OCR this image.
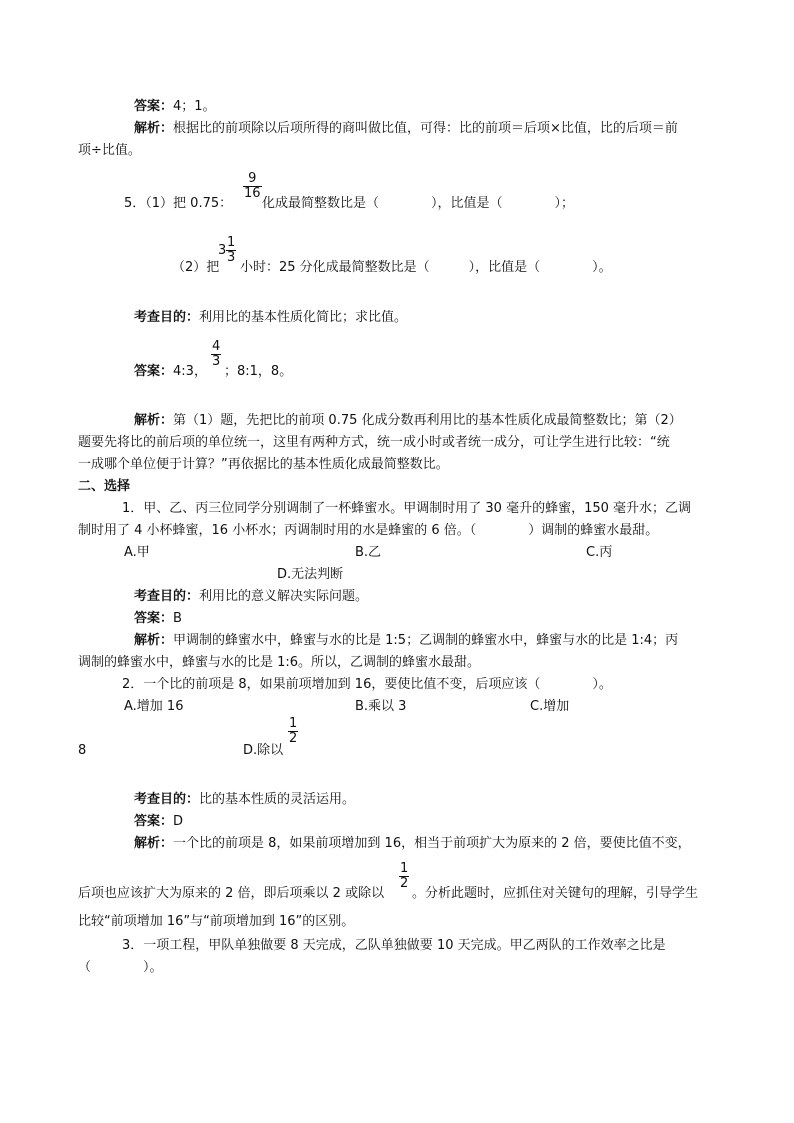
答案：4；1。
解析：根据比的前项除以后项所得的商叫做比值，可得：比的前项＝后项×比值，比的后项＝前
项÷比值。
5．（1）把 0.75：
9
16
化成最简整数比是（　　　　），比值是（　　　　）；
（2）把
3
1
3
小时：25 分化成最简整数比是（　　　），比值是（　　　　）。
考查目的：利用比的基本性质化简比；求比值。
答案：4:3，
4
3
；8:1，8。
解析：第（1）题，先把比的前项 0.75 化成分数再利用比的基本性质化成最简整数比；第（2）
题要先将比的前后项的单位统一，这里有两种方式，统一成小时或者统一成分，可让学生进行比较：“统
一成哪个单位便于计算？”再依据比的基本性质化成最简整数比。
二、选择
1．甲、乙、丙三位同学分别调制了一杯蜂蜜水。甲调制时用了 30 毫升的蜂蜜，150 毫升水；乙调
制时用了 4 小杯蜂蜜，16 小杯水；丙调制时用的水是蜂蜜的 6 倍。（　　　　）调制的蜂蜜水最甜。
A.甲	B.乙	C.丙
D.无法判断
考查目的：利用比的意义解决实际问题。
答案：B
解析：甲调制的蜂蜜水中，蜂蜜与水的比是 1:5；乙调制的蜂蜜水中，蜂蜜与水的比是 1:4；丙
调制的蜂蜜水中，蜂蜜与水的比是 1:6。所以，乙调制的蜂蜜水最甜。
2．一个比的前项是 8，如果前项增加到 16，要使比值不变，后项应该（　　　　）。
A.增加 16	B.乘以 3	C.增加
8	D.除以
1
2
考查目的：比的基本性质的灵活运用。
答案：D
解析：一个比的前项是 8，如果前项增加到 16，相当于前项扩大为原来的 2 倍，要使比值不变，
后项也应该扩大为原来的 2 倍，即后项乘以 2 或除以
1
2
。分析此题时，应抓住对关键句的理解，引导学生
比较“前项增加 16”与“前项增加到 16”的区别。
3．一项工程，甲队单独做要 8 天完成，乙队单独做要 10 天完成。甲乙两队的工作效率之比是
（　　　　）。
